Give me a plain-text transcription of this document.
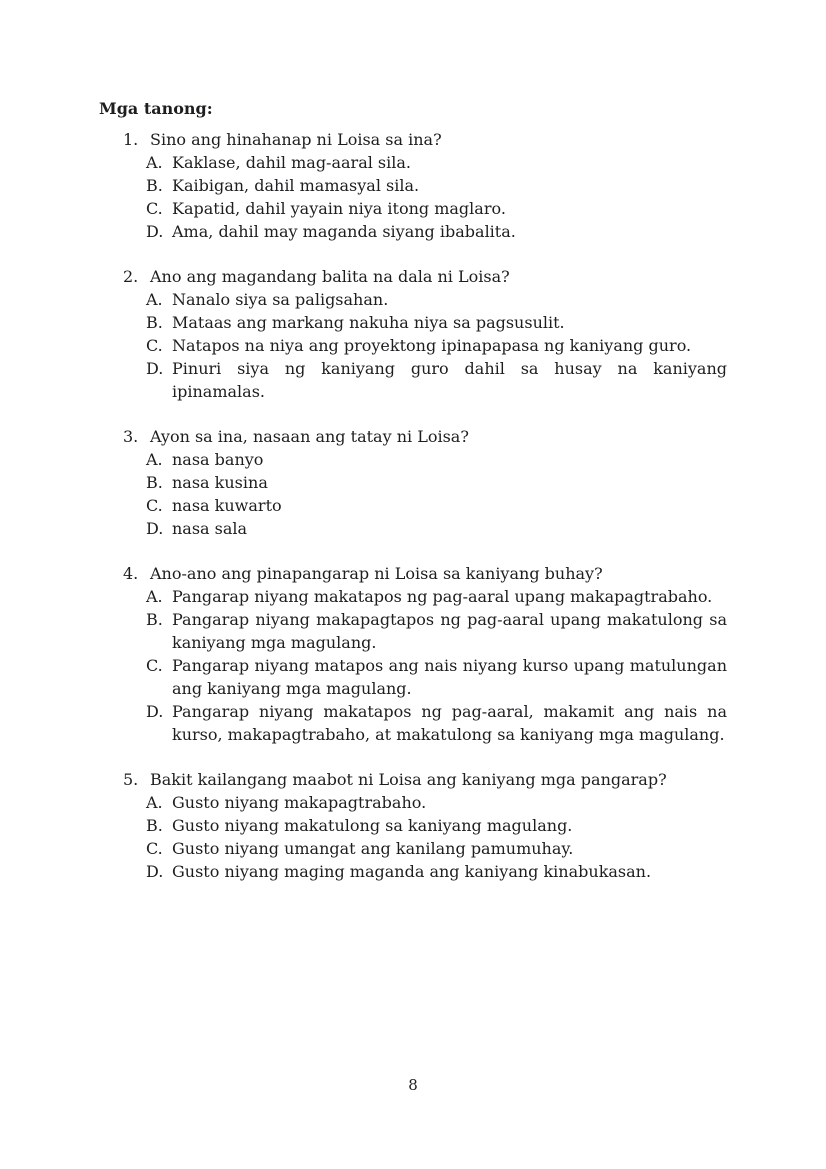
Mga tanong:

1. Sino ang hinahanap ni Loisa sa ina?
A. Kaklase, dahil mag-aaral sila.
B. Kaibigan, dahil mamasyal sila.
C. Kapatid, dahil yayain niya itong maglaro.
D. Ama, dahil may maganda siyang ibabalita.
2. Ano ang magandang balita na dala ni Loisa?
A. Nanalo siya sa paligsahan.
B. Mataas ang markang nakuha niya sa pagsusulit.
C. Natapos na niya ang proyektong ipinapapasa ng kaniyang guro.
D. Pinuri siya ng kaniyang guro dahil sa husay na kaniyang ipinamalas.
3. Ayon sa ina, nasaan ang tatay ni Loisa?
A. nasa banyo
B. nasa kusina
C. nasa kuwarto
D. nasa sala
4. Ano-ano ang pinapangarap ni Loisa sa kaniyang buhay?
A. Pangarap niyang makatapos ng pag-aaral upang makapagtrabaho.
B. Pangarap niyang makapagtapos ng pag-aaral upang makatulong sa kaniyang mga magulang.
C. Pangarap niyang matapos ang nais niyang kurso upang matulungan ang kaniyang mga magulang.
D. Pangarap niyang makatapos ng pag-aaral, makamit ang nais na kurso, makapagtrabaho, at makatulong sa kaniyang mga magulang.
5. Bakit kailangang maabot ni Loisa ang kaniyang mga pangarap?
A. Gusto niyang makapagtrabaho.
B. Gusto niyang makatulong sa kaniyang magulang.
C. Gusto niyang umangat ang kanilang pamumuhay.
D. Gusto niyang maging maganda ang kaniyang kinabukasan.
8
